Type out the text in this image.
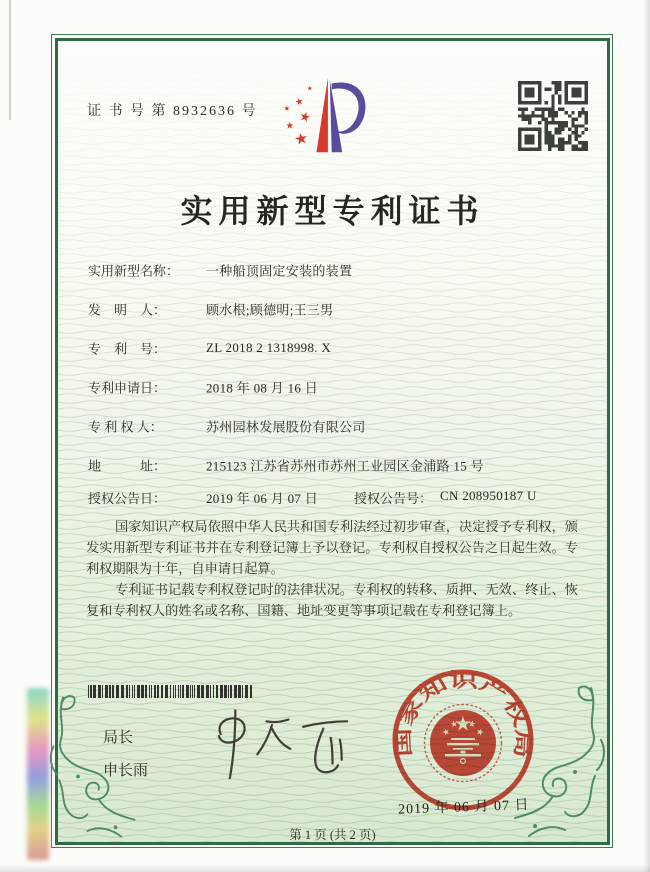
证 书 号 第 8932636 号
实用新型专利证书
实用新型名称： 一种船顶固定安装的装置
发　明　人：	顾水根;顾德明;王三男
专　利　号：	ZL 2018 2 1318998. X
专利申请日：	2018 年 08 月 16 日
专 利 权 人：	苏州园林发展股份有限公司
地　　　址：	215123 江苏省苏州市苏州工业园区金浦路 15 号
授权公告日：	2019 年 06 月 07 日	授权公告号： CN 208950187 U

国家知识产权局依照中华人民共和国专利法经过初步审查，决定授予专利权，颁发实用新型专利证书并在专利登记簿上予以登记。专利权自授权公告之日起生效。专利权期限为十年，自申请日起算。

专利证书记载专利权登记时的法律状况。专利权的转移、质押、无效、终止、恢复和专利权人的姓名或名称、国籍、地址变更等事项记载在专利登记簿上。

局长
申长雨
国家知识产权局
2019 年 06 月 07 日
第 1 页 (共 2 页)
